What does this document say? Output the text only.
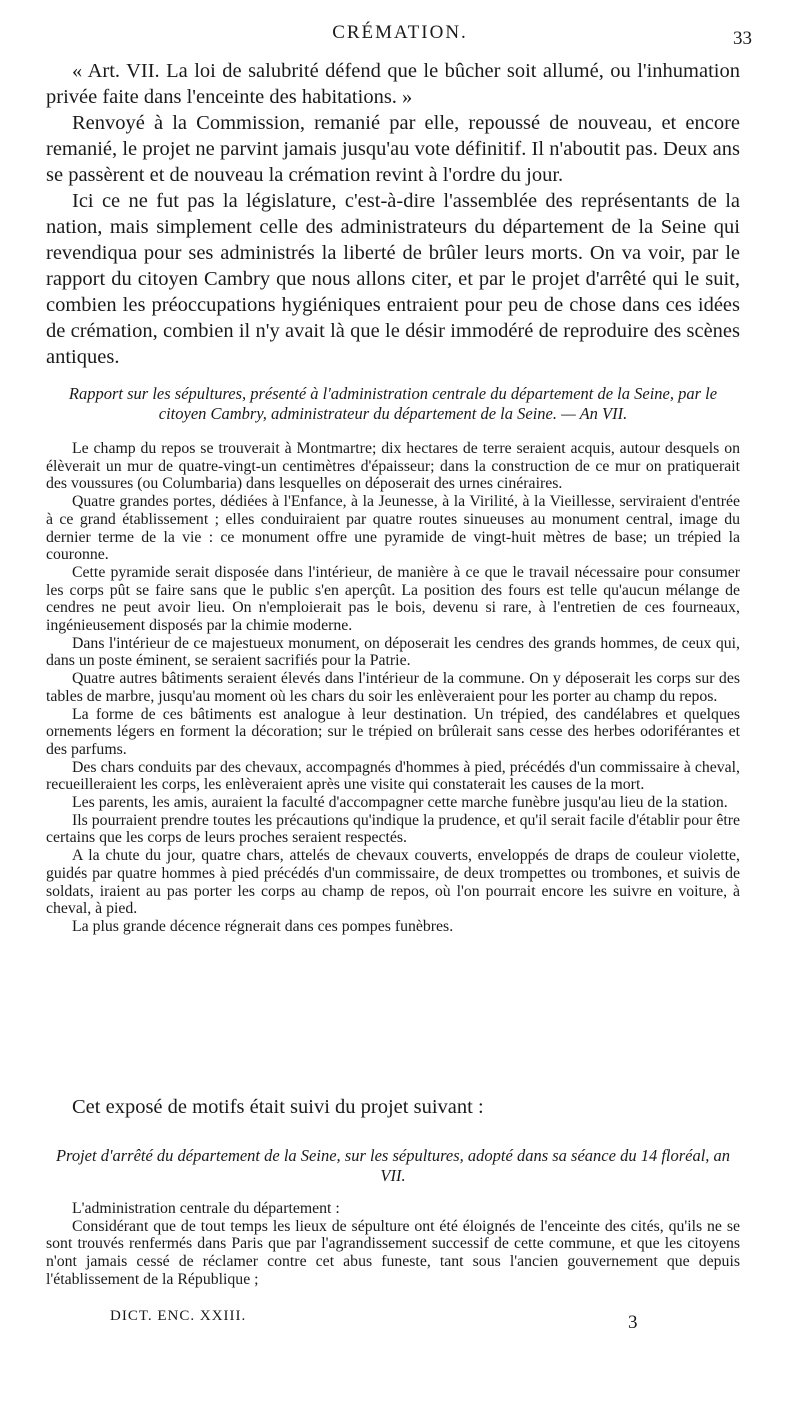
CRÉMATION.	33

« Art. VII. La loi de salubrité défend que le bûcher soit allumé, ou l'inhumation privée faite dans l'enceinte des habitations. »

Renvoyé à la Commission, remanié par elle, repoussé de nouveau, et encore remanié, le projet ne parvint jamais jusqu'au vote définitif. Il n'aboutit pas. Deux ans se passèrent et de nouveau la crémation revint à l'ordre du jour.

Ici ce ne fut pas la législature, c'est-à-dire l'assemblée des représentants de la nation, mais simplement celle des administrateurs du département de la Seine qui revendiqua pour ses administrés la liberté de brûler leurs morts. On va voir, par le rapport du citoyen Cambry que nous allons citer, et par le projet d'arrêté qui le suit, combien les préoccupations hygiéniques entraient pour peu de chose dans ces idées de crémation, combien il n'y avait là que le désir immodéré de reproduire des scènes antiques.

Rapport sur les sépultures, présenté à l'administration centrale du département de la Seine, par le citoyen Cambry, administrateur du département de la Seine. — An VII.

Le champ du repos se trouverait à Montmartre; dix hectares de terre seraient acquis, autour desquels on élèverait un mur de quatre-vingt-un centimètres d'épaisseur; dans la construction de ce mur on pratiquerait des voussures (ou Columbaria) dans lesquelles on déposerait des urnes cinéraires.

Quatre grandes portes, dédiées à l'Enfance, à la Jeunesse, à la Virilité, à la Vieillesse, serviraient d'entrée à ce grand établissement ; elles conduiraient par quatre routes sinueuses au monument central, image du dernier terme de la vie : ce monument offre une pyramide de vingt-huit mètres de base; un trépied la couronne.

Cette pyramide serait disposée dans l'intérieur, de manière à ce que le travail nécessaire pour consumer les corps pût se faire sans que le public s'en aperçût. La position des fours est telle qu'aucun mélange de cendres ne peut avoir lieu. On n'emploierait pas le bois, devenu si rare, à l'entretien de ces fourneaux, ingénieusement disposés par la chimie moderne.

Dans l'intérieur de ce majestueux monument, on déposerait les cendres des grands hommes, de ceux qui, dans un poste éminent, se seraient sacrifiés pour la Patrie.

Quatre autres bâtiments seraient élevés dans l'intérieur de la commune. On y déposerait les corps sur des tables de marbre, jusqu'au moment où les chars du soir les enlèveraient pour les porter au champ du repos.

La forme de ces bâtiments est analogue à leur destination. Un trépied, des candélabres et quelques ornements légers en forment la décoration; sur le trépied on brûlerait sans cesse des herbes odoriférantes et des parfums.

Des chars conduits par des chevaux, accompagnés d'hommes à pied, précédés d'un commissaire à cheval, recueilleraient les corps, les enlèveraient après une visite qui constaterait les causes de la mort.

Les parents, les amis, auraient la faculté d'accompagner cette marche funèbre jusqu'au lieu de la station.

Ils pourraient prendre toutes les précautions qu'indique la prudence, et qu'il serait facile d'établir pour être certains que les corps de leurs proches seraient respectés.

A la chute du jour, quatre chars, attelés de chevaux couverts, enveloppés de draps de couleur violette, guidés par quatre hommes à pied précédés d'un commissaire, de deux trompettes ou trombones, et suivis de soldats, iraient au pas porter les corps au champ de repos, où l'on pourrait encore les suivre en voiture, à cheval, à pied.

La plus grande décence régnerait dans ces pompes funèbres.

Cet exposé de motifs était suivi du projet suivant :

Projet d'arrêté du département de la Seine, sur les sépultures, adopté dans sa séance du 14 floréal, an VII.

L'administration centrale du département :

Considérant que de tout temps les lieux de sépulture ont été éloignés de l'enceinte des cités, qu'ils ne se sont trouvés renfermés dans Paris que par l'agrandissement successif de cette commune, et que les citoyens n'ont jamais cessé de réclamer contre cet abus funeste, tant sous l'ancien gouvernement que depuis l'établissement de la République ;

DICT. ENC. XXIII.	3
